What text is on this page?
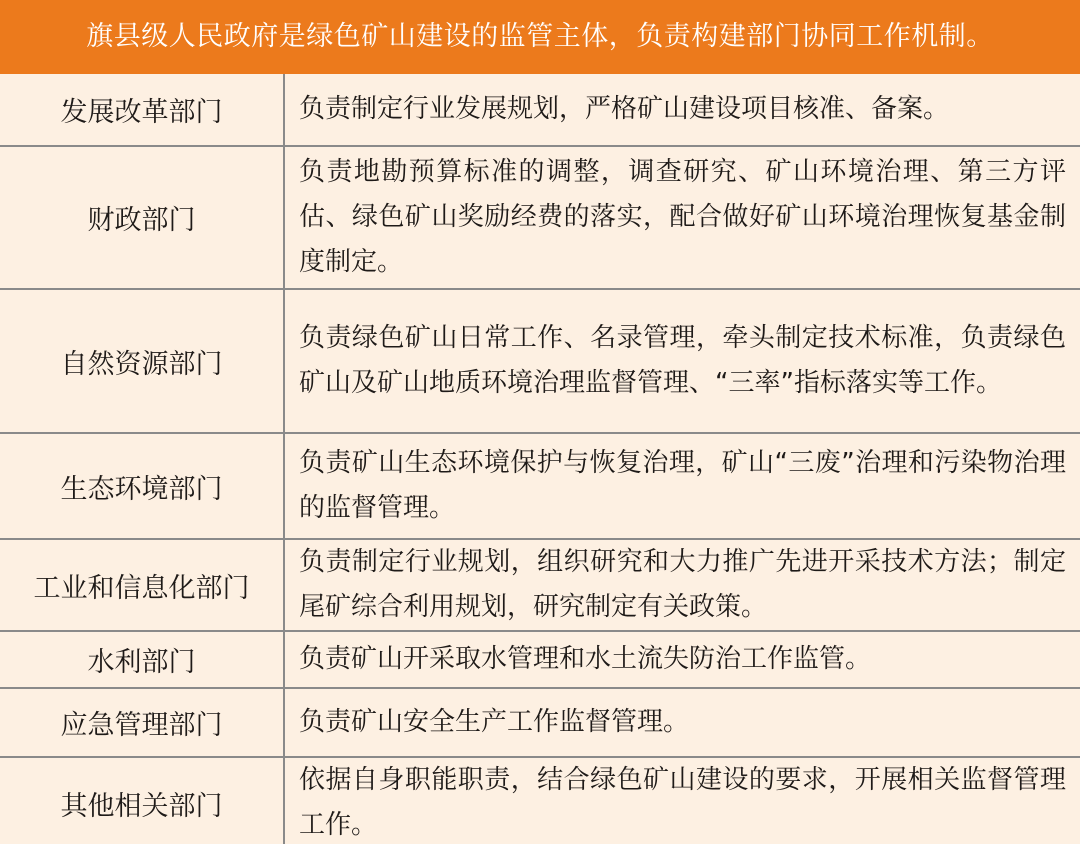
旗县级人民政府是绿色矿山建设的监管主体，负责构建部门协同工作机制。
发展改革部门	负责制定行业发展规划，严格矿山建设项目核准、备案。
财政部门	负责地勘预算标准的调整，调查研究、矿山环境治理、第三方评估、绿色矿山奖励经费的落实，配合做好矿山环境治理恢复基金制度制定。
自然资源部门	负责绿色矿山日常工作、名录管理，牵头制定技术标准，负责绿色矿山及矿山地质环境治理监督管理、“三率”指标落实等工作。
生态环境部门	负责矿山生态环境保护与恢复治理，矿山“三废”治理和污染物治理的监督管理。
工业和信息化部门	负责制定行业规划，组织研究和大力推广先进开采技术方法；制定尾矿综合利用规划，研究制定有关政策。
水利部门	负责矿山开采取水管理和水土流失防治工作监管。
应急管理部门	负责矿山安全生产工作监督管理。
其他相关部门	依据自身职能职责，结合绿色矿山建设的要求，开展相关监督管理工作。
